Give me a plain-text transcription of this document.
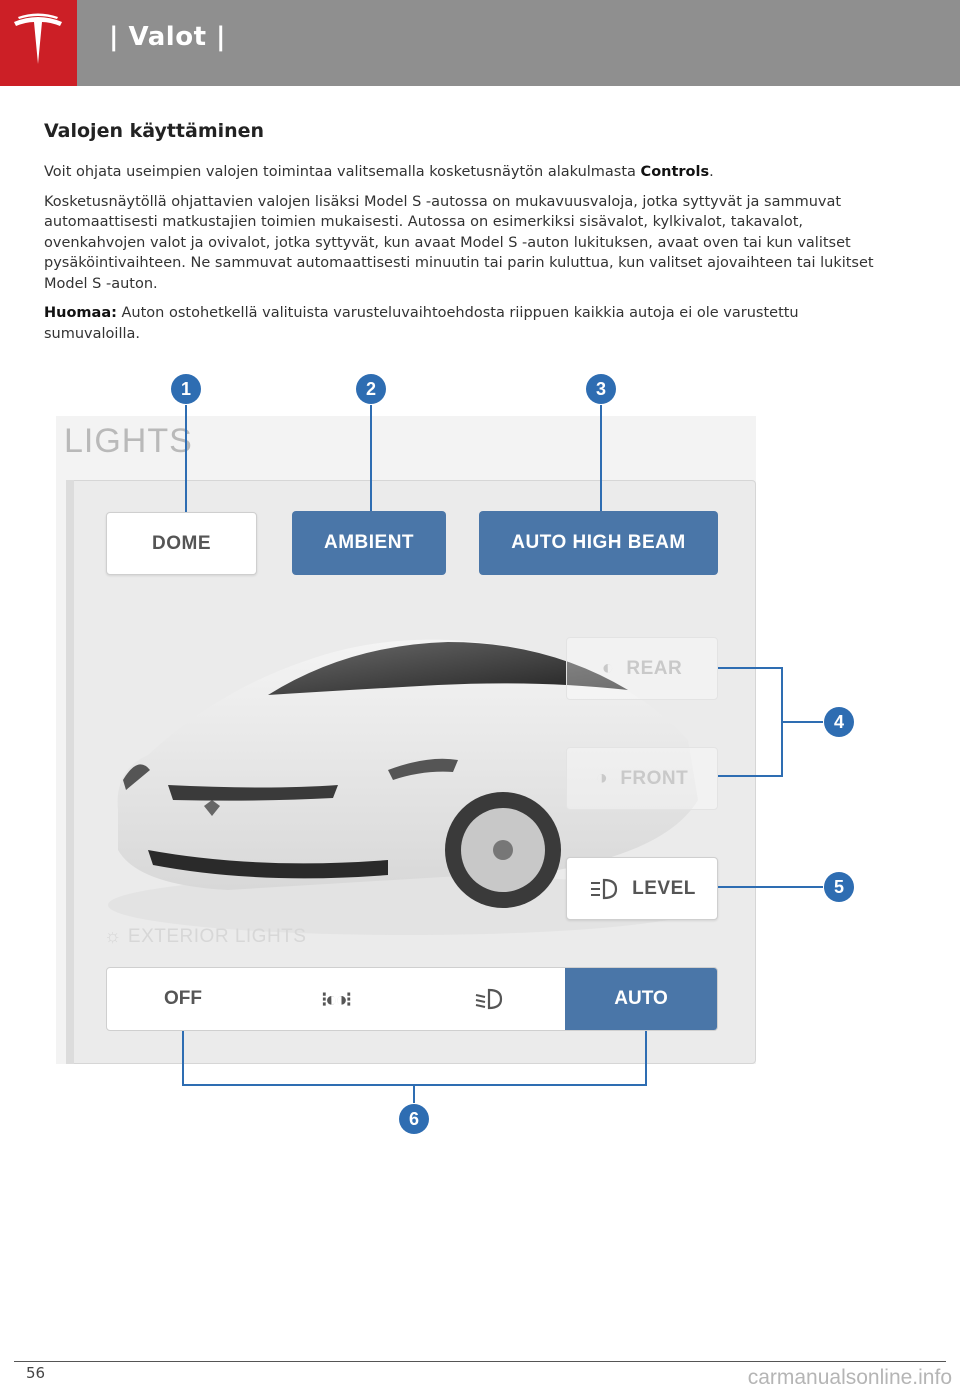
| Valot |
Valojen käyttäminen

Voit ohjata useimpien valojen toimintaa valitsemalla kosketusnäytön alakulmasta Controls.

Kosketusnäytöllä ohjattavien valojen lisäksi Model S -autossa on mukavuusvaloja, jotka syttyvät ja sammuvat automaattisesti matkustajien toimien mukaisesti. Autossa on esimerkiksi sisävalot, kylkivalot, takavalot, ovenkahvojen valot ja ovivalot, jotka syttyvät, kun avaat Model S -auton lukituksen, avaat oven tai kun valitset pysäköintivaihteen. Ne sammuvat automaattisesti minuutin tai parin kuluttua, kun valitset ajovaihteen tai lukitset Model S -auton.

Huomaa: Auton ostohetkellä valituista varusteluvaihtoehdosta riippuen kaikkia autoja ei ole varustettu sumuvaloilla.

LIGHTS
DOME	AMBIENT	AUTO HIGH BEAM
◐ REAR
◑ FRONT
LEVEL
☼ EXTERIOR LIGHTS
OFF	⁝◐◑⁝	AUTO
1	2	3
4
5
6
56	carmanualsonline.info
